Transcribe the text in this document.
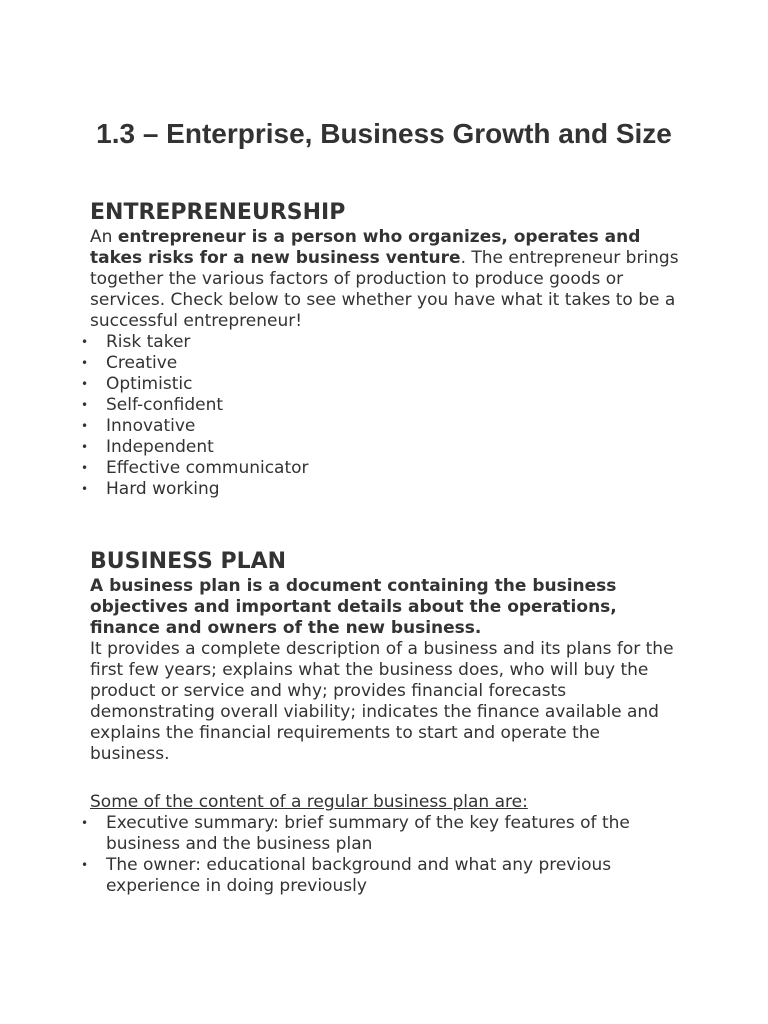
1.3 – Enterprise, Business Growth and Size
ENTREPRENEURSHIP

An entrepreneur is a person who organizes, operates and takes risks for a new business venture. The entrepreneur brings together the various factors of production to produce goods or services. Check below to see whether you have what it takes to be a successful entrepreneur!

• Risk taker
• Creative
• Optimistic
• Self-confident
• Innovative
• Independent
• Effective communicator
• Hard working
BUSINESS PLAN

A business plan is a document containing the business objectives and important details about the operations, finance and owners of the new business.

It provides a complete description of a business and its plans for the first few years; explains what the business does, who will buy the product or service and why; provides financial forecasts demonstrating overall viability; indicates the finance available and explains the financial requirements to start and operate the business.

Some of the content of a regular business plan are:

• Executive summary: brief summary of the key features of the business and the business plan
• The owner: educational background and what any previous experience in doing previously
